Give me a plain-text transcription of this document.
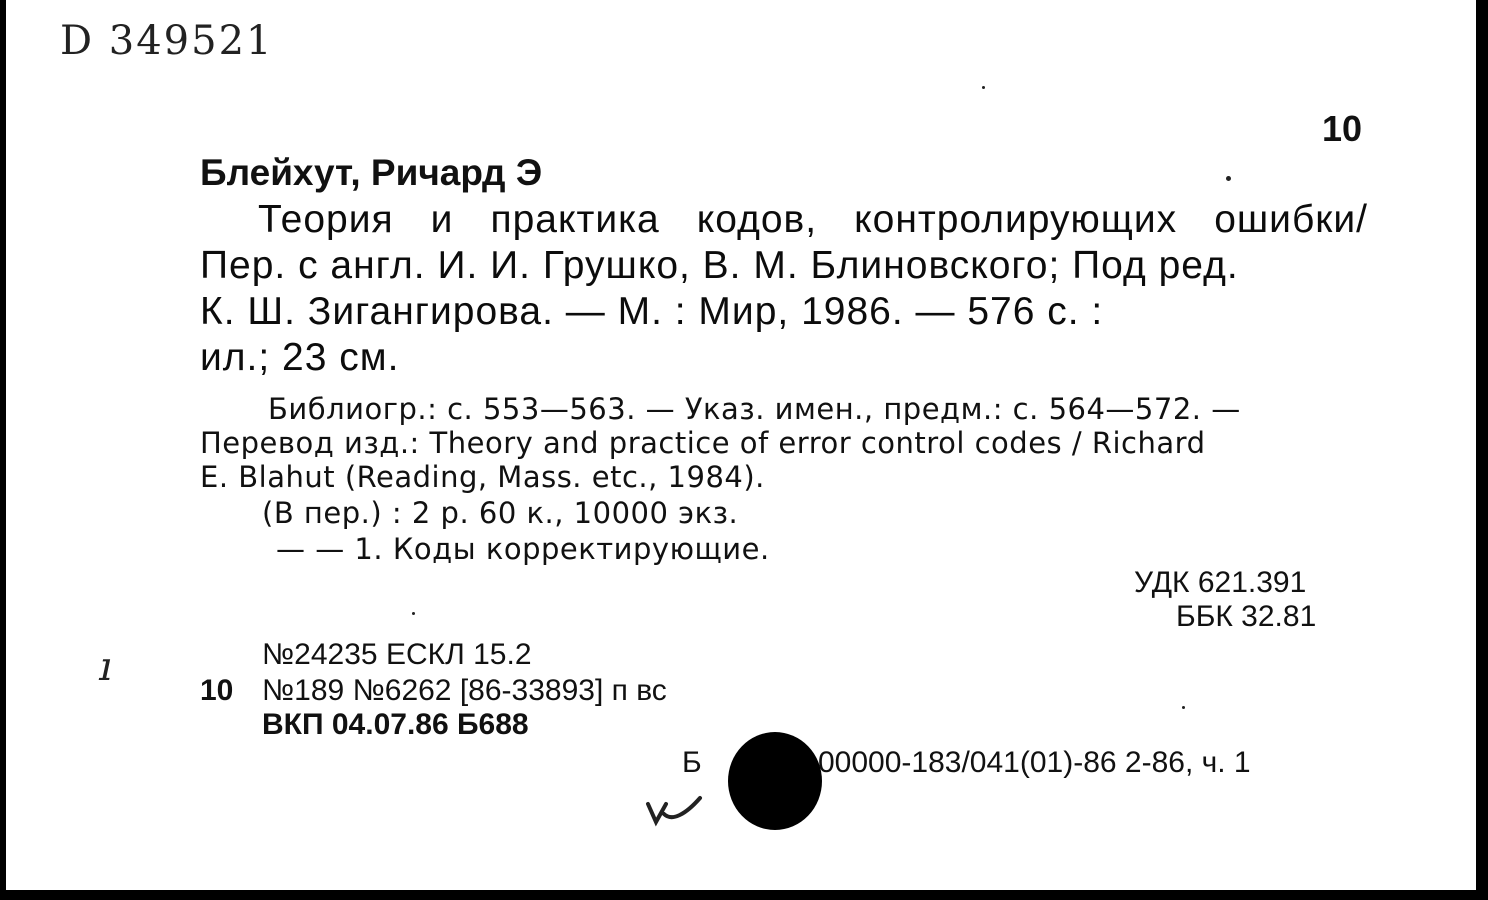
D 349521
10
Блейхут, Ричард Э
Теория и практика кодов, контролирующих ошибки/
Пер. с англ. И. И. Грушко, В. М. Блиновского; Под ред.
К. Ш. Зигангирова. — М. : Мир, 1986. — 576 с. :
ил.; 23 см.
Библиогр.: с. 553—563. — Указ. имен., предм.: с. 564—572. —
Перевод изд.: Theory and practice of error control codes / Richard
E. Blahut (Reading, Mass. etc., 1984).
(В пер.) : 2 р. 60 к., 10000 экз.
— — 1. Коды корректирующие.
УДК 621.391
ББК 32.81
№24235 ЕСКЛ 15.2
10 №189 №6262 [86-33893] п вс
ВКП 04.07.86 Б688
Б	00000-183/041(01)-86 2-86, ч. 1
ı
